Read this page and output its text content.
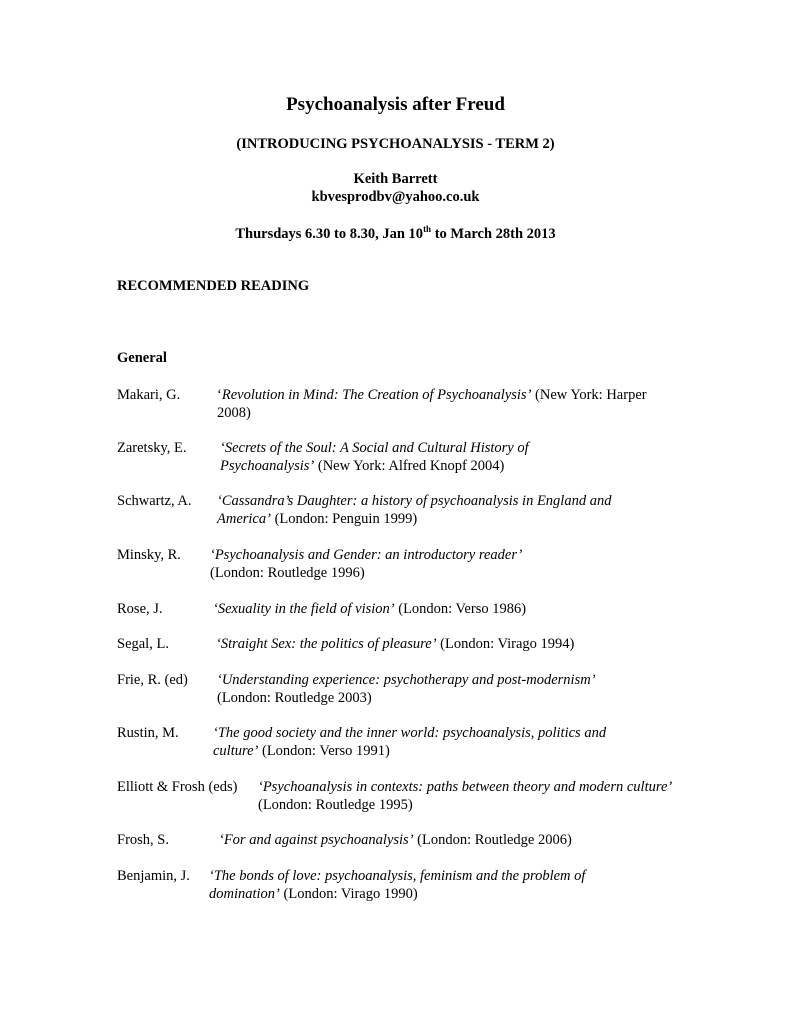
Psychoanalysis after Freud
(INTRODUCING PSYCHOANALYSIS - TERM 2)
Keith Barrett
kbvesprodbv@yahoo.co.uk
Thursdays 6.30 to 8.30, Jan 10th to March 28th 2013
RECOMMENDED READING
General
Makari, G.	‘Revolution in Mind: The Creation of Psychoanalysis’ (New York: Harper 2008)
Zaretsky, E. ‘Secrets of the Soul: A Social and Cultural History of Psychoanalysis’ (New York: Alfred Knopf 2004)
Schwartz, A. ‘Cassandra’s Daughter: a history of psychoanalysis in England and America’ (London: Penguin 1999)
Minsky, R. ‘Psychoanalysis and Gender: an introductory reader’ (London: Routledge 1996)
Rose, J.	‘Sexuality in the field of vision’ (London: Verso 1986)
Segal, L.	‘Straight Sex: the politics of pleasure’ (London: Virago 1994)
Frie, R. (ed) ‘Understanding experience: psychotherapy and post-modernism’ (London: Routledge 2003)
Rustin, M. ‘The good society and the inner world: psychoanalysis, politics and culture’ (London: Verso 1991)
Elliott & Frosh (eds) ‘Psychoanalysis in contexts: paths between theory and modern culture’ (London: Routledge 1995)
Frosh, S.	‘For and against psychoanalysis’ (London: Routledge 2006)
Benjamin, J. ‘The bonds of love: psychoanalysis, feminism and the problem of domination’ (London: Virago 1990)
